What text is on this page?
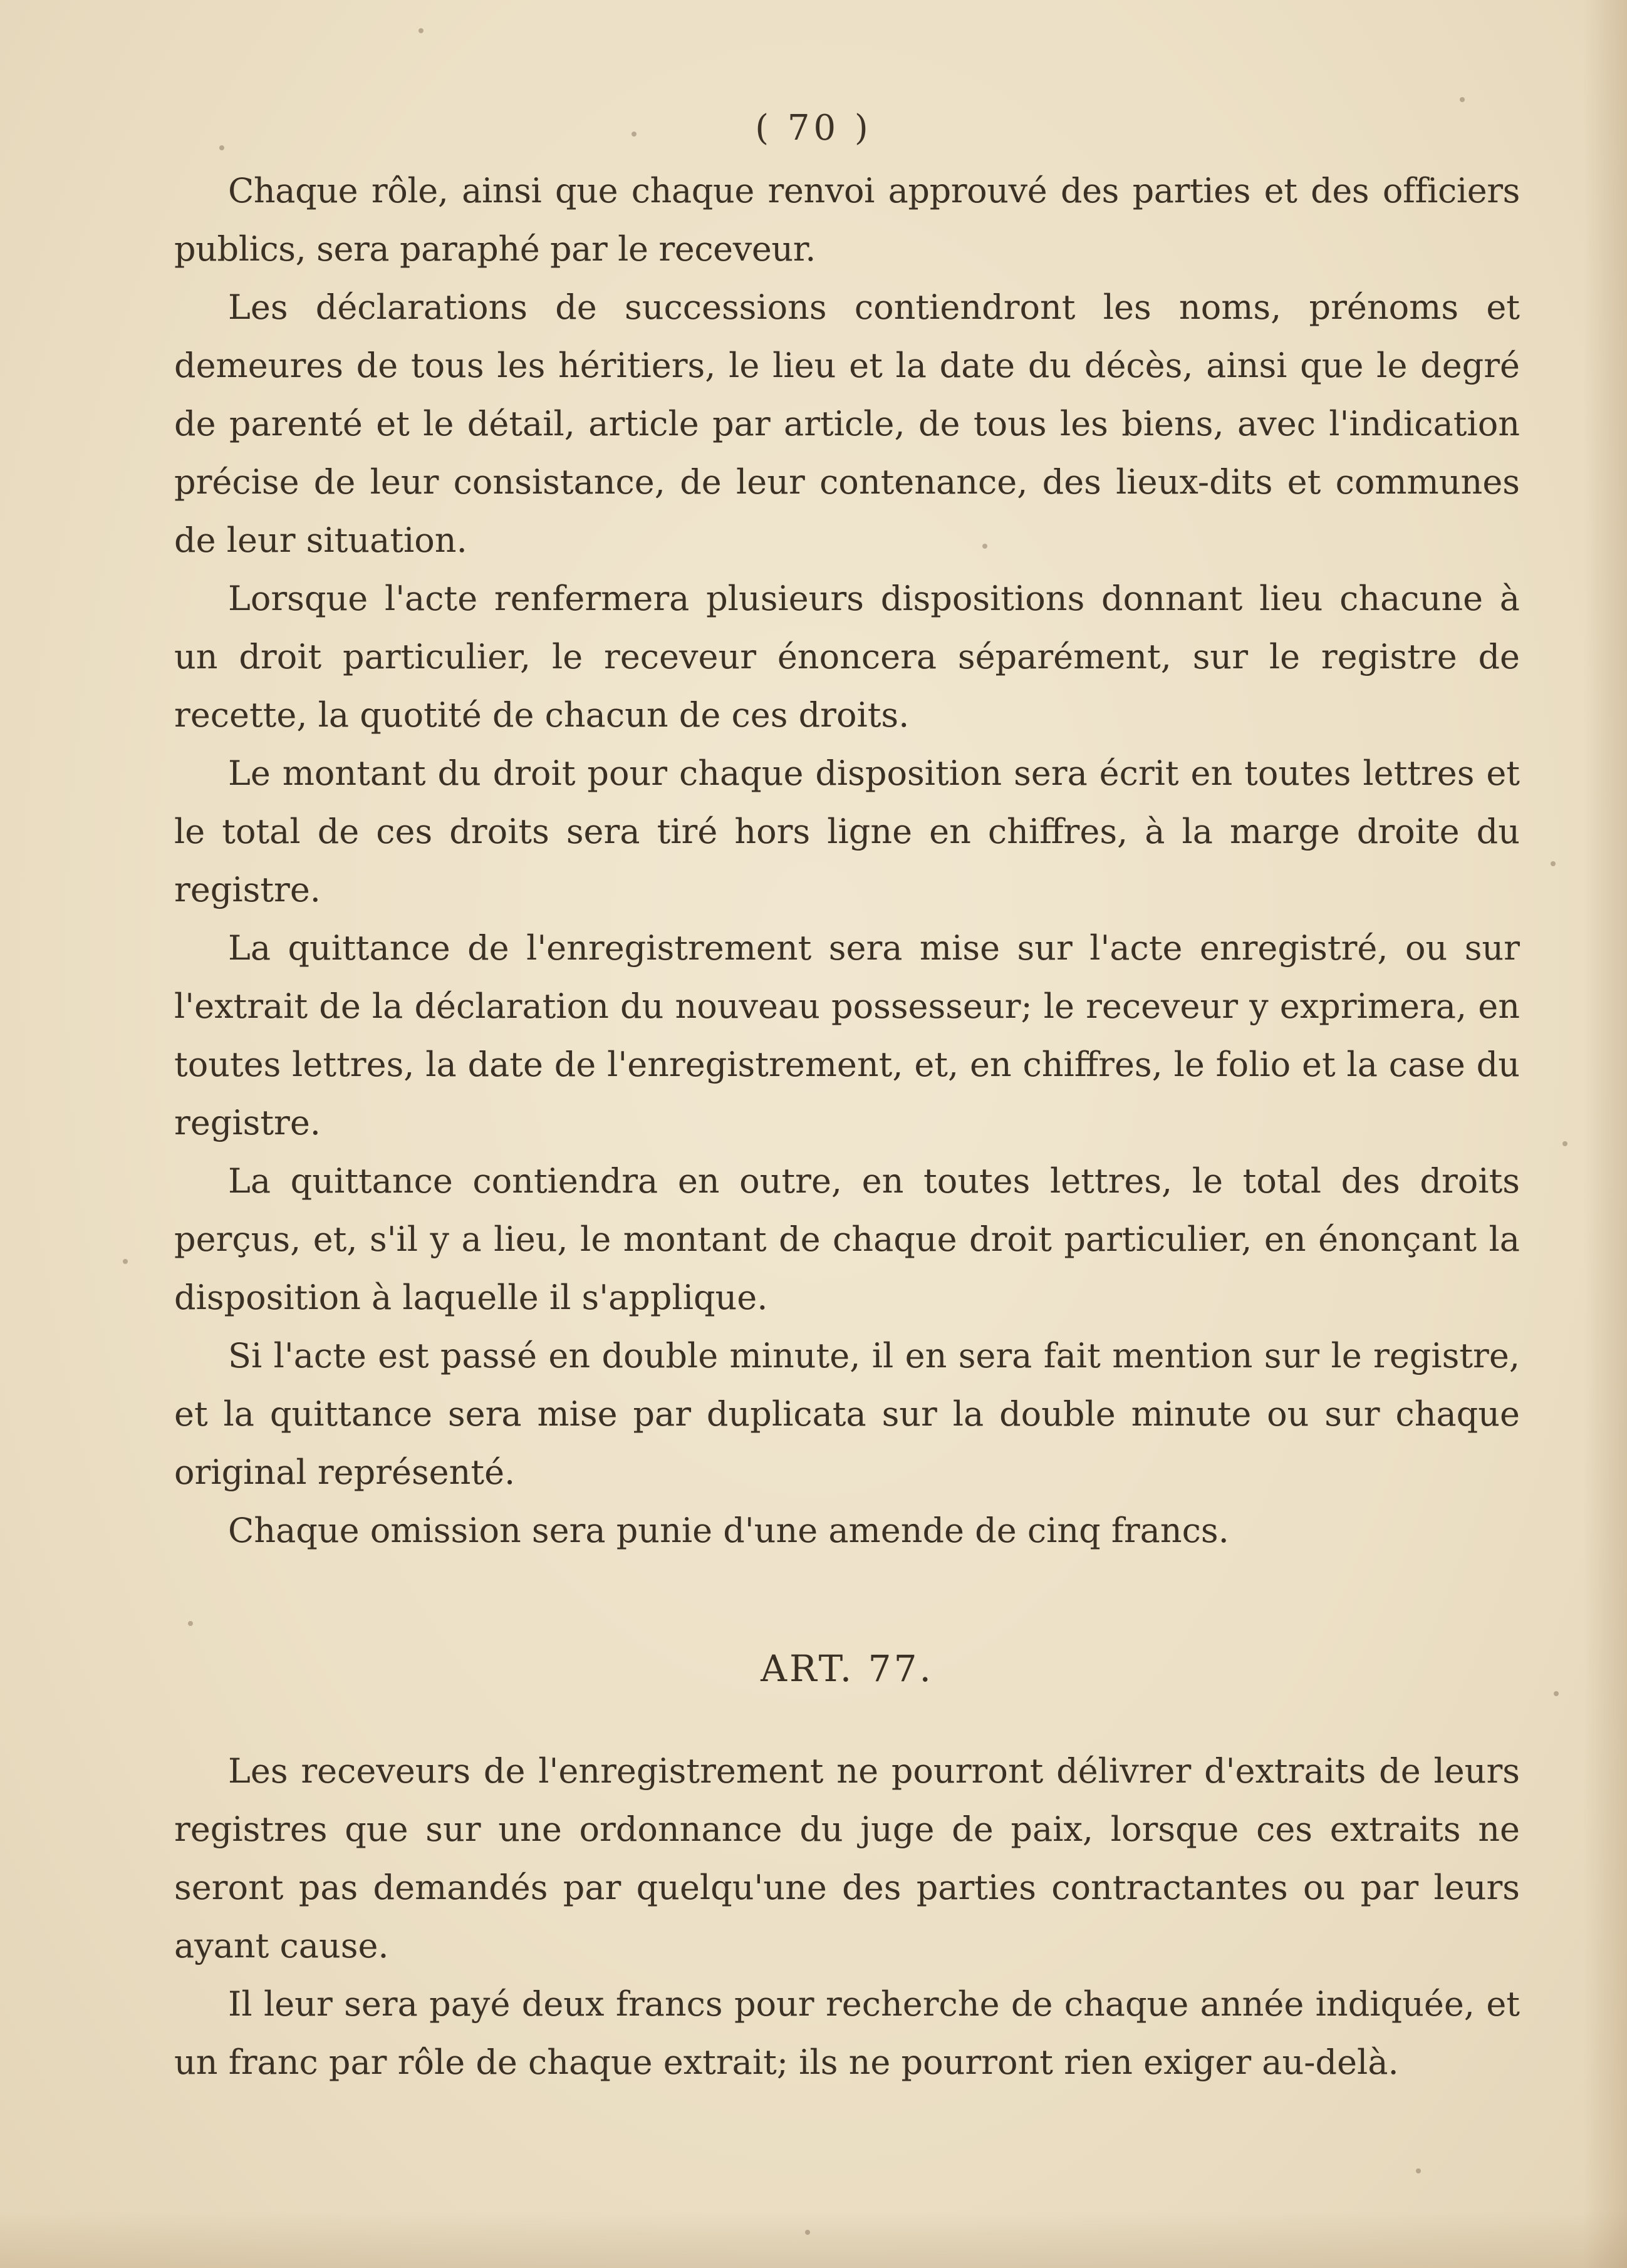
( 70 )

Chaque rôle, ainsi que chaque renvoi approuvé des parties et des officiers publics, sera paraphé par le receveur.

Les déclarations de successions contiendront les noms, prénoms et demeures de tous les héritiers, le lieu et la date du décès, ainsi que le degré de parenté et le détail, article par article, de tous les biens, avec l'indication précise de leur consistance, de leur contenance, des lieux-dits et communes de leur situation.

Lorsque l'acte renfermera plusieurs dispositions donnant lieu chacune à un droit particulier, le receveur énoncera séparément, sur le registre de recette, la quotité de chacun de ces droits.

Le montant du droit pour chaque disposition sera écrit en toutes lettres et le total de ces droits sera tiré hors ligne en chiffres, à la marge droite du registre.

La quittance de l'enregistrement sera mise sur l'acte enregistré, ou sur l'extrait de la déclaration du nouveau possesseur; le receveur y exprimera, en toutes lettres, la date de l'enregistrement, et, en chiffres, le folio et la case du registre.

La quittance contiendra en outre, en toutes lettres, le total des droits perçus, et, s'il y a lieu, le montant de chaque droit particulier, en énonçant la disposition à laquelle il s'applique.

Si l'acte est passé en double minute, il en sera fait mention sur le registre, et la quittance sera mise par duplicata sur la double minute ou sur chaque original représenté.

Chaque omission sera punie d'une amende de cinq francs.

ART. 77.

Les receveurs de l'enregistrement ne pourront délivrer d'extraits de leurs registres que sur une ordonnance du juge de paix, lorsque ces extraits ne seront pas demandés par quelqu'une des parties contractantes ou par leurs ayant cause.

Il leur sera payé deux francs pour recherche de chaque année indiquée, et un franc par rôle de chaque extrait; ils ne pourront rien exiger au-delà.
